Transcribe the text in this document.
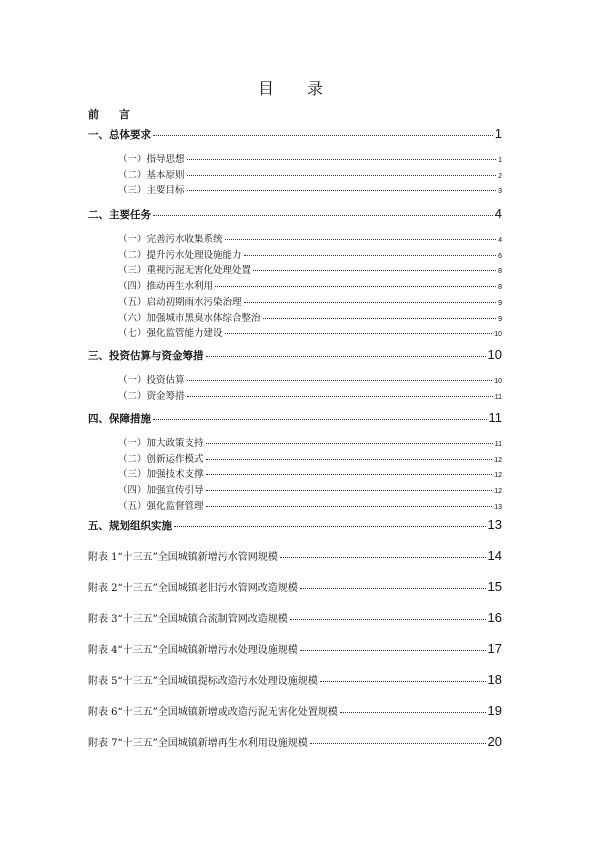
目 录
前 言
一、总体要求	1
（一）指导思想	1
（二）基本原则	2
（三）主要目标	3
二、主要任务	4
（一）完善污水收集系统	4
（二）提升污水处理设施能力	6
（三）重视污泥无害化处理处置	8
（四）推动再生水利用	8
（五）启动初期雨水污染治理	9
（六）加强城市黑臭水体综合整治	9
（七）强化监管能力建设	10
三、投资估算与资金筹措	10
（一）投资估算	10
（二）资金筹措	11
四、保障措施	11
（一）加大政策支持	11
（二）创新运作模式	12
（三）加强技术支撑	12
（四）加强宣传引导	12
（五）强化监督管理	13
五、规划组织实施	13
附表 1“十三五”全国城镇新增污水管网规模	14
附表 2“十三五”全国城镇老旧污水管网改造规模	15
附表 3“十三五”全国城镇合流制管网改造规模	16
附表 4“十三五”全国城镇新增污水处理设施规模	17
附表 5“十三五”全国城镇提标改造污水处理设施规模	18
附表 6“十三五”全国城镇新增或改造污泥无害化处置规模	19
附表 7“十三五”全国城镇新增再生水利用设施规模	20
